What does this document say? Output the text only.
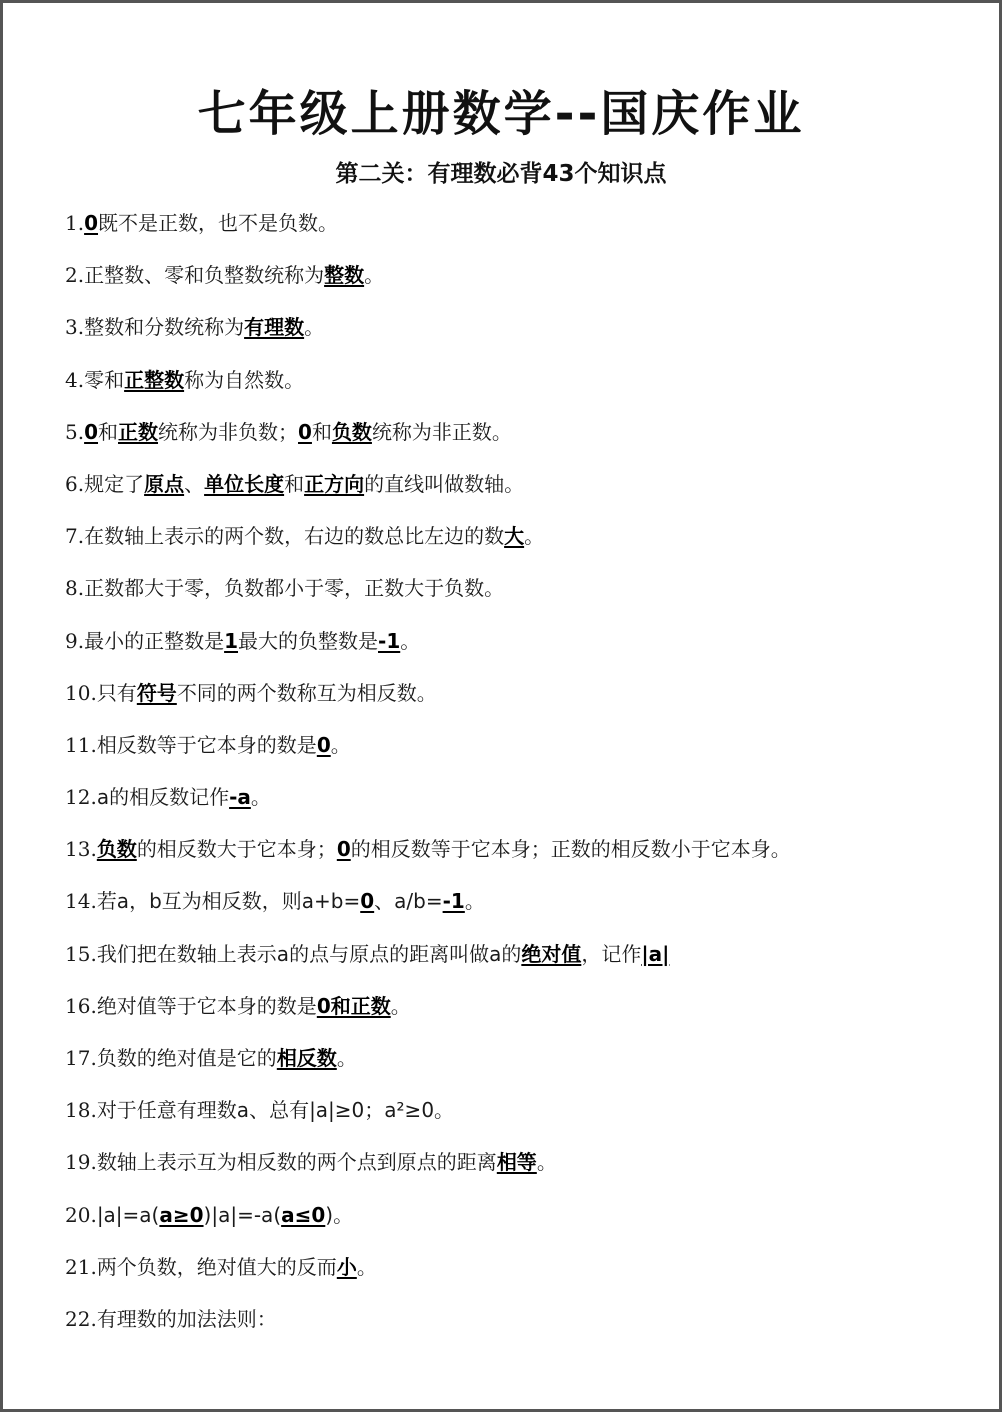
七年级上册数学--国庆作业
第二关：有理数必背43个知识点
1.0既不是正数，也不是负数。
2.正整数、零和负整数统称为整数。
3.整数和分数统称为有理数。
4.零和正整数称为自然数。
5.0和正数统称为非负数；0和负数统称为非正数。
6.规定了原点、单位长度和正方向的直线叫做数轴。
7.在数轴上表示的两个数，右边的数总比左边的数大。
8.正数都大于零，负数都小于零，正数大于负数。
9.最小的正整数是1最大的负整数是-1。
10.只有符号不同的两个数称互为相反数。
11.相反数等于它本身的数是0。
12.a的相反数记作-a。
13.负数的相反数大于它本身；0的相反数等于它本身；正数的相反数小于它本身。
14.若a，b互为相反数，则a+b=0、a/b=-1。
15.我们把在数轴上表示a的点与原点的距离叫做a的绝对值，记作|a|
16.绝对值等于它本身的数是0和正数。
17.负数的绝对值是它的相反数。
18.对于任意有理数a、总有|a|≥0；a²≥0。
19.数轴上表示互为相反数的两个点到原点的距离相等。
20.|a|=a(a≥0)|a|=-a(a≤0)。
21.两个负数，绝对值大的反而小。
22.有理数的加法法则：
